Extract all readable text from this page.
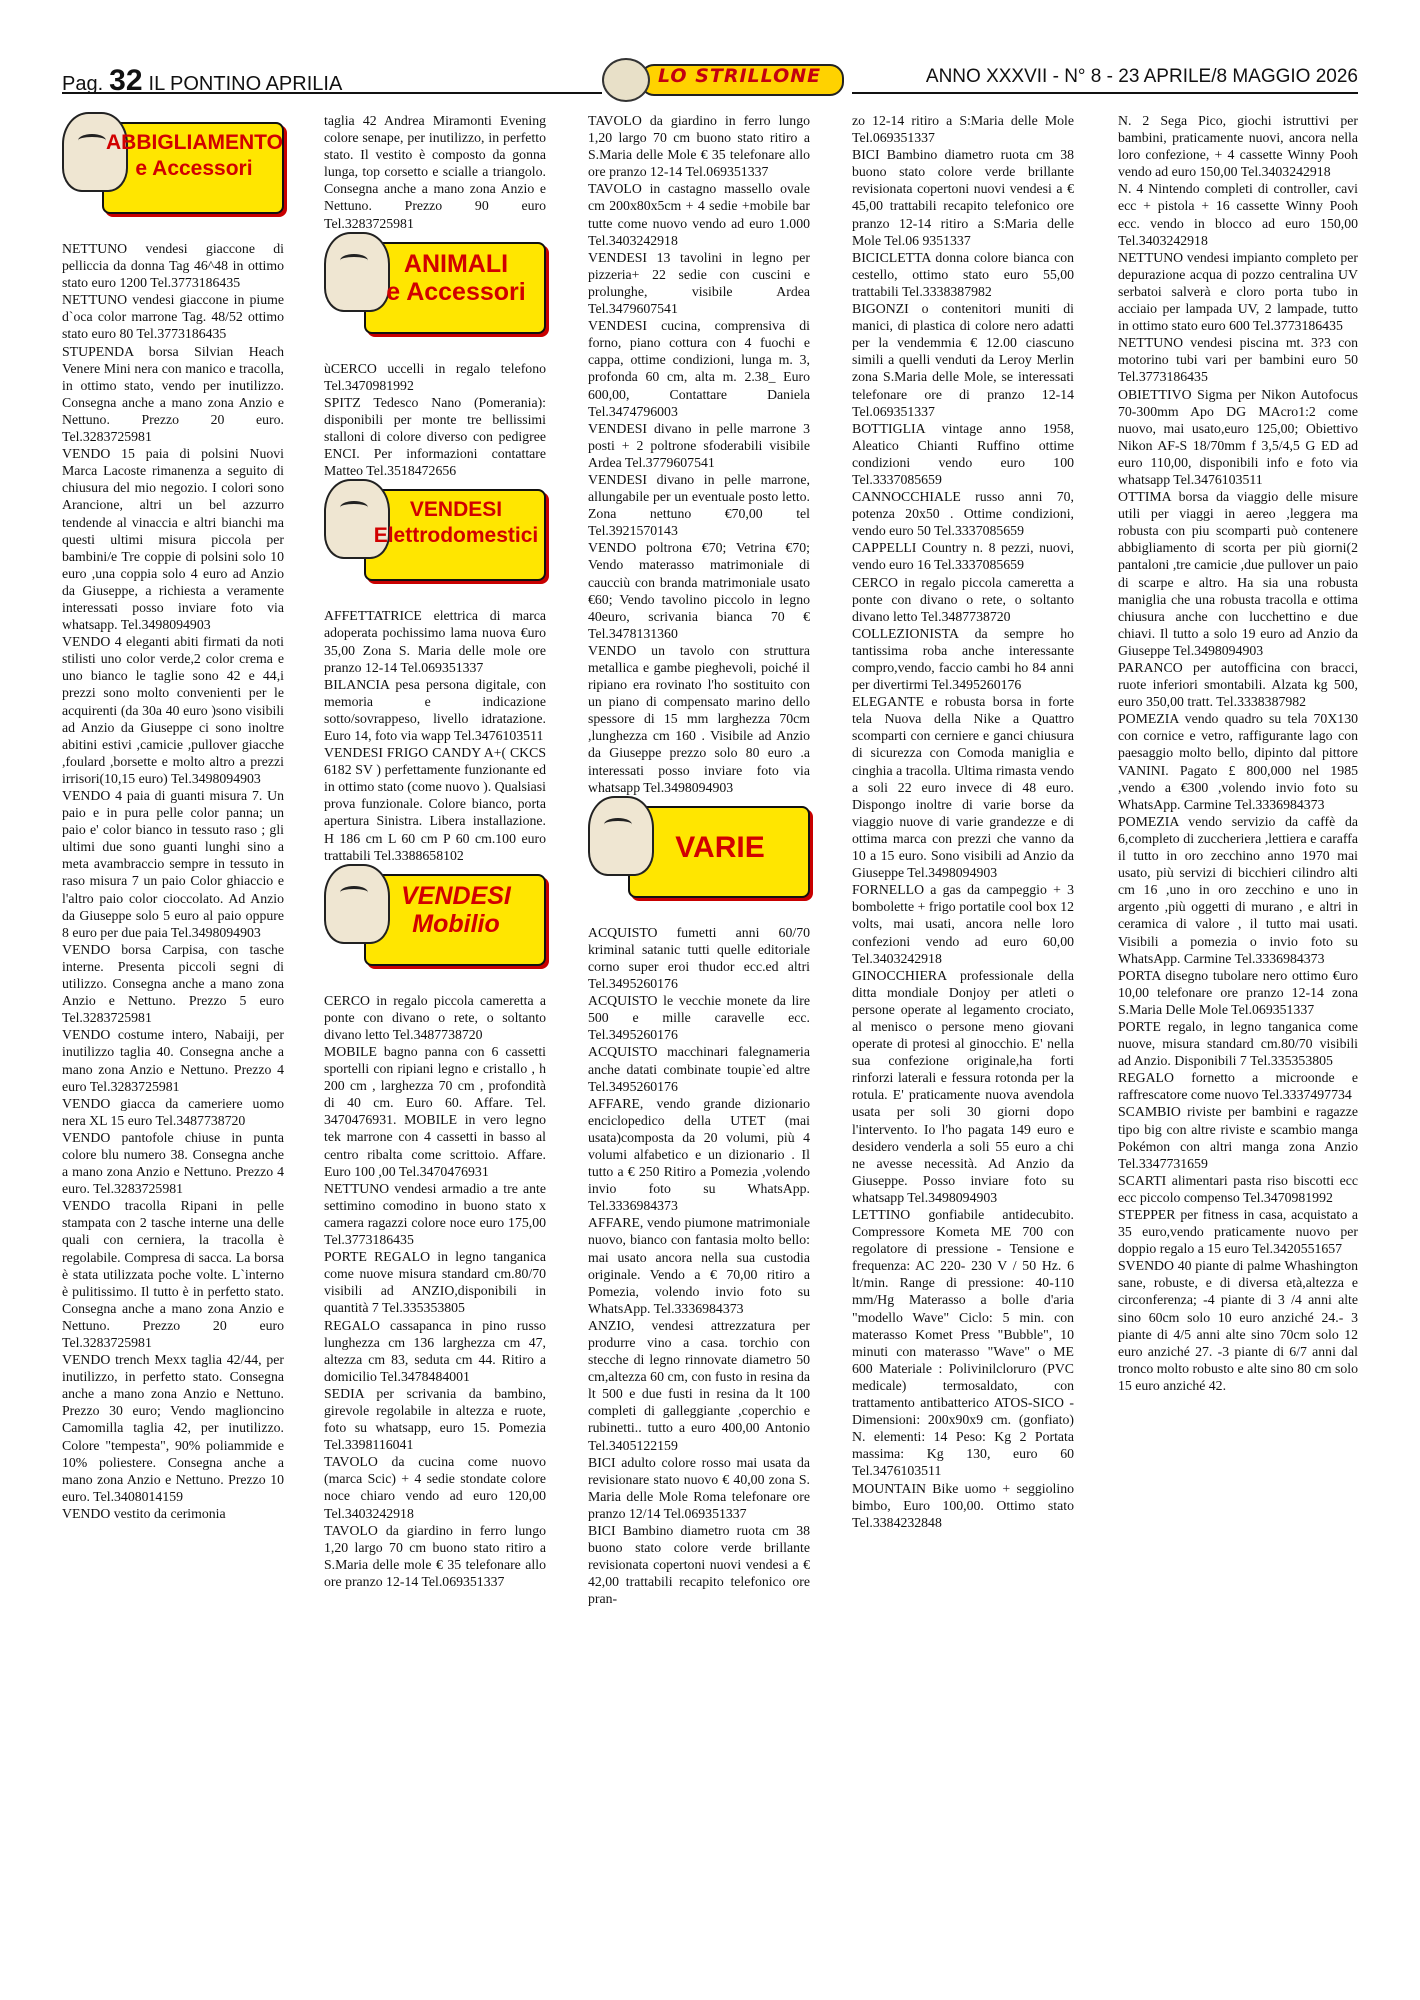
Pag. 32 IL PONTINO APRILIA	LO STRILLONE	ANNO XXXVII - N° 8 - 23 APRILE/8 MAGGIO 2026
ABBIGLIAMENTO
e Accessori

NETTUNO vendesi giaccone di pelliccia da donna Tag 46^48 in ottimo stato euro 1200 Tel.3773186435

NETTUNO vendesi giaccone in piume d`oca color marrone Tag. 48/52 ottimo stato euro 80 Tel.3773186435

STUPENDA borsa Silvian Heach Venere Mini nera con manico e tracolla, in ottimo stato, vendo per inutilizzo. Consegna anche a mano zona Anzio e Nettuno. Prezzo 20 euro. Tel.3283725981

VENDO 15 paia di polsini Nuovi Marca Lacoste rimanenza a seguito di chiusura del mio negozio. I colori sono Arancione, altri un bel azzurro tendende al vinaccia e altri bianchi ma questi ultimi misura piccola per bambini/e Tre coppie di polsini solo 10 euro ,una coppia solo 4 euro ad Anzio da Giuseppe, a richiesta a veramente interessati posso inviare foto via whatsapp. Tel.3498094903

VENDO 4 eleganti abiti firmati da noti stilisti uno color verde,2 color crema e uno bianco le taglie sono 42 e 44,i prezzi sono molto convenienti per le acquirenti (da 30a 40 euro )sono visibili ad Anzio da Giuseppe ci sono inoltre abitini estivi ,camicie ,pullover giacche ,foulard ,borsette e molto altro a prezzi irrisori(10,15 euro) Tel.3498094903

VENDO 4 paia di guanti misura 7. Un paio e in pura pelle color panna; un paio e' color bianco in tessuto raso ; gli ultimi due sono guanti lunghi sino a meta avambraccio sempre in tessuto in raso misura 7 un paio Color ghiaccio e l'altro paio color cioccolato. Ad Anzio da Giuseppe solo 5 euro al paio oppure 8 euro per due paia Tel.3498094903

VENDO borsa Carpisa, con tasche interne. Presenta piccoli segni di utilizzo. Consegna anche a mano zona Anzio e Nettuno. Prezzo 5 euro Tel.3283725981

VENDO costume intero, Nabaiji, per inutilizzo taglia 40. Consegna anche a mano zona Anzio e Nettuno. Prezzo 4 euro Tel.3283725981

VENDO giacca da cameriere uomo nera XL 15 euro Tel.3487738720

VENDO pantofole chiuse in punta colore blu numero 38. Consegna anche a mano zona Anzio e Nettuno. Prezzo 4 euro. Tel.3283725981

VENDO tracolla Ripani in pelle stampata con 2 tasche interne una delle quali con cerniera, la tracolla è regolabile. Compresa di sacca. La borsa è stata utilizzata poche volte. L`interno è pulitissimo. Il tutto è in perfetto stato. Consegna anche a mano zona Anzio e Nettuno. Prezzo 20 euro Tel.3283725981

VENDO trench Mexx taglia 42/44, per inutilizzo, in perfetto stato. Consegna anche a mano zona Anzio e Nettuno. Prezzo 30 euro; Vendo maglioncino Camomilla taglia 42, per inutilizzo. Colore "tempesta", 90% poliammide e 10% poliestere. Consegna anche a mano zona Anzio e Nettuno. Prezzo 10 euro. Tel.3408014159

VENDO vestito da cerimonia

taglia 42 Andrea Miramonti Evening colore senape, per inutilizzo, in perfetto stato. Il vestito è composto da gonna lunga, top corsetto e scialle a triangolo. Consegna anche a mano zona Anzio e Nettuno. Prezzo 90 euro Tel.3283725981

ANIMALI
e Accessori

ùCERCO uccelli in regalo telefono Tel.3470981992

SPITZ Tedesco Nano (Pomerania): disponibili per monte tre bellissimi stalloni di colore diverso con pedigree ENCI. Per informazioni contattare Matteo Tel.3518472656

VENDESI
Elettrodomestici

AFFETTATRICE elettrica di marca adoperata pochissimo lama nuova €uro 35,00 Zona S. Maria delle mole ore pranzo 12-14 Tel.069351337

BILANCIA pesa persona digitale, con memoria e indicazione sotto/sovrappeso, livello idratazione. Euro 14, foto via wapp Tel.3476103511

VENDESI FRIGO CANDY A+( CKCS 6182 SV ) perfettamente funzionante ed in ottimo stato (come nuovo ). Qualsiasi prova funzionale. Colore bianco, porta apertura Sinistra. Libera installazione. H 186 cm L 60 cm P 60 cm.100 euro trattabili Tel.3388658102

VENDESI
Mobilio

CERCO in regalo piccola cameretta a ponte con divano o rete, o soltanto divano letto Tel.3487738720

MOBILE bagno panna con 6 cassetti sportelli con ripiani legno e cristallo , h 200 cm , larghezza 70 cm , profondità di 40 cm. Euro 60. Affare. Tel. 3470476931. MOBILE in vero legno tek marrone con 4 cassetti in basso al centro ribalta come scrittoio. Affare. Euro 100 ,00 Tel.3470476931

NETTUNO vendesi armadio a tre ante settimino comodino in buono stato x camera ragazzi colore noce euro 175,00 Tel.3773186435

PORTE REGALO in legno tanganica come nuove misura standard cm.80/70 visibili ad ANZIO,disponibili in quantità 7 Tel.335353805

REGALO cassapanca in pino russo lunghezza cm 136 larghezza cm 47, altezza cm 83, seduta cm 44. Ritiro a domicilio Tel.3478484001

SEDIA per scrivania da bambino, girevole regolabile in altezza e ruote, foto su whatsapp, euro 15. Pomezia Tel.3398116041

TAVOLO da cucina come nuovo (marca Scic) + 4 sedie stondate colore noce chiaro vendo ad euro 120,00 Tel.3403242918

TAVOLO da giardino in ferro lungo 1,20 largo 70 cm buono stato ritiro a S.Maria delle mole € 35 telefonare allo ore pranzo 12-14 Tel.069351337

TAVOLO da giardino in ferro lungo 1,20 largo 70 cm buono stato ritiro a S.Maria delle Mole € 35 telefonare allo ore pranzo 12-14 Tel.069351337

TAVOLO in castagno massello ovale cm 200x80x5cm + 4 sedie +mobile bar tutte come nuovo vendo ad euro 1.000 Tel.3403242918

VENDESI 13 tavolini in legno per pizzeria+ 22 sedie con cuscini e prolunghe, visibile Ardea Tel.3479607541

VENDESI cucina, comprensiva di forno, piano cottura con 4 fuochi e cappa, ottime condizioni, lunga m. 3, profonda 60 cm, alta m. 2.38_ Euro 600,00, Contattare Daniela Tel.3474796003

VENDESI divano in pelle marrone 3 posti + 2 poltrone sfoderabili visibile Ardea Tel.3779607541

VENDESI divano in pelle marrone, allungabile per un eventuale posto letto. Zona nettuno €70,00 tel Tel.3921570143

VENDO poltrona €70; Vetrina €70; Vendo materasso matrimoniale di caucciù con branda matrimoniale usato €60; Vendo tavolino piccolo in legno 40euro, scrivania bianca 70 € Tel.3478131360

VENDO un tavolo con struttura metallica e gambe pieghevoli, poiché il ripiano era rovinato l'ho sostituito con un piano di compensato marino dello spessore di 15 mm larghezza 70cm ,lunghezza cm 160 . Visibile ad Anzio da Giuseppe prezzo solo 80 euro .a interessati posso inviare foto via whatsapp Tel.3498094903

VARIE

ACQUISTO fumetti anni 60/70 kriminal satanic tutti quelle editoriale corno super eroi thudor ecc.ed altri Tel.3495260176

ACQUISTO le vecchie monete da lire 500 e mille caravelle ecc. Tel.3495260176

ACQUISTO macchinari falegnameria anche datati combinate toupie`ed altre Tel.3495260176

AFFARE, vendo grande dizionario enciclopedico della UTET (mai usata)composta da 20 volumi, più 4 volumi alfabetico e un dizionario . Il tutto a € 250 Ritiro a Pomezia ,volendo invio foto su WhatsApp. Tel.3336984373

AFFARE, vendo piumone matrimoniale nuovo, bianco con fantasia molto bello: mai usato ancora nella sua custodia originale. Vendo a € 70,00 ritiro a Pomezia, volendo invio foto su WhatsApp. Tel.3336984373

ANZIO, vendesi attrezzatura per produrre vino a casa. torchio con stecche di legno rinnovate diametro 50 cm,altezza 60 cm, con fusto in resina da lt 500 e due fusti in resina da lt 100 completi di galleggiante ,coperchio e rubinetti.. tutto a euro 400,00 Antonio Tel.3405122159

BICI adulto colore rosso mai usata da revisionare stato nuovo € 40,00 zona S. Maria delle Mole Roma telefonare ore pranzo 12/14 Tel.069351337

BICI Bambino diametro ruota cm 38 buono stato colore verde brillante revisionata copertoni nuovi vendesi a € 42,00 trattabili recapito telefonico ore pran-

zo 12-14 ritiro a S:Maria delle Mole Tel.069351337

BICI Bambino diametro ruota cm 38 buono stato colore verde brillante revisionata copertoni nuovi vendesi a € 45,00 trattabili recapito telefonico ore pranzo 12-14 ritiro a S:Maria delle Mole Tel.06 9351337

BICICLETTA donna colore bianca con cestello, ottimo stato euro 55,00 trattabili Tel.3338387982

BIGONZI o contenitori muniti di manici, di plastica di colore nero adatti per la vendemmia € 12.00 ciascuno simili a quelli venduti da Leroy Merlin zona S.Maria delle Mole, se interessati telefonare ore di pranzo 12-14 Tel.069351337

BOTTIGLIA vintage anno 1958, Aleatico Chianti Ruffino ottime condizioni vendo euro 100 Tel.3337085659

CANNOCCHIALE russo anni 70, potenza 20x50 . Ottime condizioni, vendo euro 50 Tel.3337085659

CAPPELLI Country n. 8 pezzi, nuovi, vendo euro 16 Tel.3337085659

CERCO in regalo piccola cameretta a ponte con divano o rete, o soltanto divano letto Tel.3487738720

COLLEZIONISTA da sempre ho tantissima roba anche interessante compro,vendo, faccio cambi ho 84 anni per divertirmi Tel.3495260176

ELEGANTE e robusta borsa in forte tela Nuova della Nike a Quattro scomparti con cerniere e ganci chiusura di sicurezza con Comoda maniglia e cinghia a tracolla. Ultima rimasta vendo a soli 22 euro invece di 48 euro. Dispongo inoltre di varie borse da viaggio nuove di varie grandezze e di ottima marca con prezzi che vanno da 10 a 15 euro. Sono visibili ad Anzio da Giuseppe Tel.3498094903

FORNELLO a gas da campeggio + 3 bombolette + frigo portatile cool box 12 volts, mai usati, ancora nelle loro confezioni vendo ad euro 60,00 Tel.3403242918

GINOCCHIERA professionale della ditta mondiale Donjoy per atleti o persone operate al legamento crociato, al menisco o persone meno giovani operate di protesi al ginocchio. E' nella sua confezione originale,ha forti rinforzi laterali e fessura rotonda per la rotula. E' praticamente nuova avendola usata per soli 30 giorni dopo l'intervento. Io l'ho pagata 149 euro e desidero venderla a soli 55 euro a chi ne avesse necessità. Ad Anzio da Giuseppe. Posso inviare foto su whatsapp Tel.3498094903

LETTINO gonfiabile antidecubito. Compressore Kometa ME 700 con regolatore di pressione - Tensione e frequenza: AC 220- 230 V / 50 Hz. 6 lt/min. Range di pressione: 40-110 mm/Hg Materasso a bolle d'aria "modello Wave" Ciclo: 5 min. con materasso Komet Press "Bubble", 10 minuti con materasso "Wave" o ME 600 Materiale : Polivinilcloruro (PVC medicale) termosaldato, con trattamento antibatterico ATOS-SICO - Dimensioni: 200x90x9 cm. (gonfiato) N. elementi: 14 Peso: Kg 2 Portata massima: Kg 130, euro 60 Tel.3476103511

MOUNTAIN Bike uomo + seggiolino bimbo, Euro 100,00. Ottimo stato Tel.3384232848

N. 2 Sega Pico, giochi istruttivi per bambini, praticamente nuovi, ancora nella loro confezione, + 4 cassette Winny Pooh vendo ad euro 150,00 Tel.3403242918

N. 4 Nintendo completi di controller, cavi ecc + pistola + 16 cassette Winny Pooh ecc. vendo in blocco ad euro 150,00 Tel.3403242918

NETTUNO vendesi impianto completo per depurazione acqua di pozzo centralina UV serbatoi salverà e cloro porta tubo in acciaio per lampada UV, 2 lampade, tutto in ottimo stato euro 600 Tel.3773186435

NETTUNO vendesi piscina mt. 3?3 con motorino tubi vari per bambini euro 50 Tel.3773186435

OBIETTIVO Sigma per Nikon Autofocus 70-300mm Apo DG MAcro1:2 come nuovo, mai usato,euro 125,00; Obiettivo Nikon AF-S 18/70mm f 3,5/4,5 G ED ad euro 110,00, disponibili info e foto via whatsapp Tel.3476103511

OTTIMA borsa da viaggio delle misure utili per viaggi in aereo ,leggera ma robusta con piu scomparti può contenere abbigliamento di scorta per più giorni(2 pantaloni ,tre camicie ,due pullover un paio di scarpe e altro. Ha sia una robusta maniglia che una robusta tracolla e ottima chiusura anche con lucchettino e due chiavi. Il tutto a solo 19 euro ad Anzio da Giuseppe Tel.3498094903

PARANCO per autofficina con bracci, ruote inferiori smontabili. Alzata kg 500, euro 350,00 tratt. Tel.3338387982

POMEZIA vendo quadro su tela 70X130 con cornice e vetro, raffigurante lago con paesaggio molto bello, dipinto dal pittore VANINI. Pagato £ 800,000 nel 1985 ,vendo a €300 ,volendo invio foto su WhatsApp. Carmine Tel.3336984373

POMEZIA vendo servizio da caffè da 6,completo di zuccheriera ,lettiera e caraffa il tutto in oro zecchino anno 1970 mai usato, più servizi di bicchieri cilindro alti cm 16 ,uno in oro zecchino e uno in argento ,più oggetti di murano , e altri in ceramica di valore , il tutto mai usati. Visibili a pomezia o invio foto su WhatsApp. Carmine Tel.3336984373

PORTA disegno tubolare nero ottimo €uro 10,00 telefonare ore pranzo 12-14 zona S.Maria Delle Mole Tel.069351337

PORTE regalo, in legno tanganica come nuove, misura standard cm.80/70 visibili ad Anzio. Disponibili 7 Tel.335353805

REGALO fornetto a microonde e raffrescatore come nuovo Tel.3337497734

SCAMBIO riviste per bambini e ragazze tipo big con altre riviste e scambio manga Pokémon con altri manga zona Anzio Tel.3347731659

SCARTI alimentari pasta riso biscotti ecc ecc piccolo compenso Tel.3470981992

STEPPER per fitness in casa, acquistato a 35 euro,vendo praticamente nuovo per doppio regalo a 15 euro Tel.3420551657

SVENDO 40 piante di palme Whashington sane, robuste, e di diversa età,altezza e circonferenza; -4 piante di 3 /4 anni alte sino 60cm solo 10 euro anziché 24.- 3 piante di 4/5 anni alte sino 70cm solo 12 euro anziché 27. -3 piante di 6/7 anni dal tronco molto robusto e alte sino 80 cm solo 15 euro anziché 42.
